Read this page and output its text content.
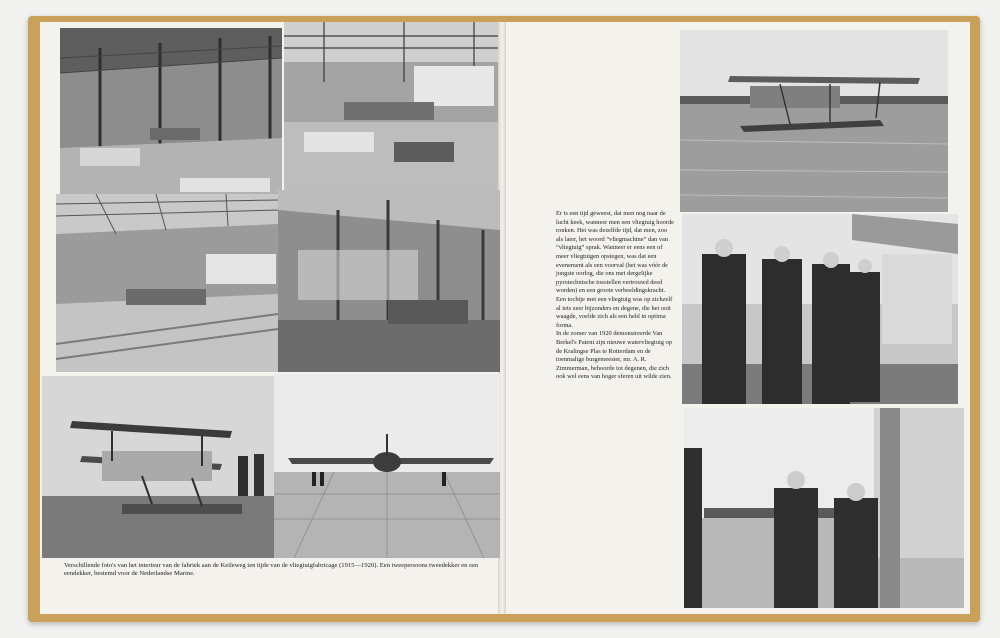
Verschillende foto's van het interieur van de fabriek aan de Keileweg ten tijde van de vliegtuigfabricage (1915—1920). Een tweepersoons tweedekker en een eendekker, bestemd voor de Nederlandse Marine.

Er is een tijd geweest, dat men nog naar de lucht keek, wanneer men een vliegtuig hoorde ronken. Het was dezelfde tijd, dat men, zoo als later, het woord “vliegmachine” dan van “vliegtuig” sprak. Wanneer er eens een of meer vliegtuigen opstegen, was dat een evenement als een voorval (het was vóór de jongste oorlog, die ons met dergelijke pyrotechnische toestellen vertrouwd deed worden) en een groote verbeeldingskracht.

Een tochtje met een vliegtuig was op zichzelf al iets zeer bijzonders en degene, die het ooit waagde, voelde zich als een held in optima forma.

In de zomer van 1920 demonstreerde Van Berkel's Patent zijn nieuwe watervliegtuig op de Kralingse Plas te Rotterdam en de toenmalige burgemeester, mr. A. R. Zimmerman, behoorde tot degenen, die zich ook wel eens van hoger sferen uit wilde zien.
